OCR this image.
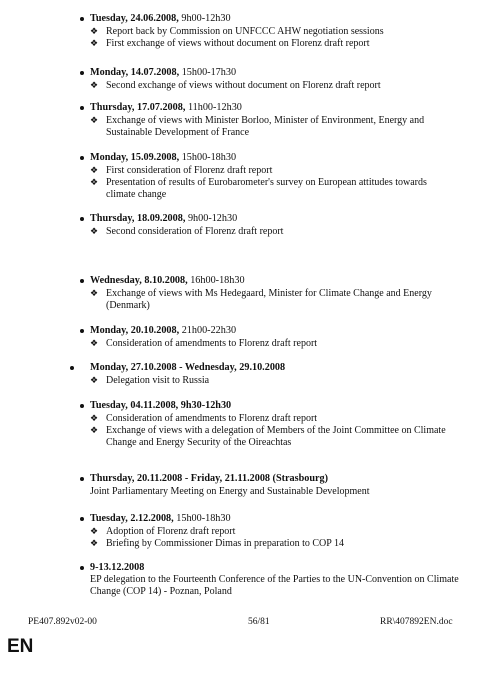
Tuesday, 24.06.2008, 9h00-12h30
❖ Report back by Commission on UNFCCC AHW negotiation sessions
❖ First exchange of views without document on Florenz draft report
Monday, 14.07.2008, 15h00-17h30
❖ Second exchange of views without document on Florenz draft report
Thursday, 17.07.2008, 11h00-12h30
❖ Exchange of views with Minister Borloo, Minister of Environment, Energy and Sustainable Development of France
Monday, 15.09.2008, 15h00-18h30
❖ First consideration of Florenz draft report
❖ Presentation of results of Eurobarometer's survey on European attitudes towards climate change
Thursday, 18.09.2008, 9h00-12h30
❖ Second consideration of Florenz draft report
Wednesday, 8.10.2008, 16h00-18h30
❖ Exchange of views with Ms Hedegaard, Minister for Climate Change and Energy (Denmark)
Monday, 20.10.2008, 21h00-22h30
❖ Consideration of amendments to Florenz draft report
Monday, 27.10.2008 - Wednesday, 29.10.2008
❖ Delegation visit to Russia
Tuesday, 04.11.2008, 9h30-12h30
❖ Consideration of amendments to Florenz draft report
❖ Exchange of views with a delegation of Members of the Joint Committee on Climate Change and Energy Security of the Oireachtas
Thursday, 20.11.2008 - Friday, 21.11.2008 (Strasbourg)
Joint Parliamentary Meeting on Energy and Sustainable Development
Tuesday, 2.12.2008, 15h00-18h30
❖ Adoption of Florenz draft report
❖ Briefing by Commissioner Dimas in preparation to COP 14
9-13.12.2008
EP delegation to the Fourteenth Conference of the Parties to the UN-Convention on Climate Change (COP 14) - Poznan, Poland
PE407.892v02-00	56/81	RR\407892EN.doc
EN
